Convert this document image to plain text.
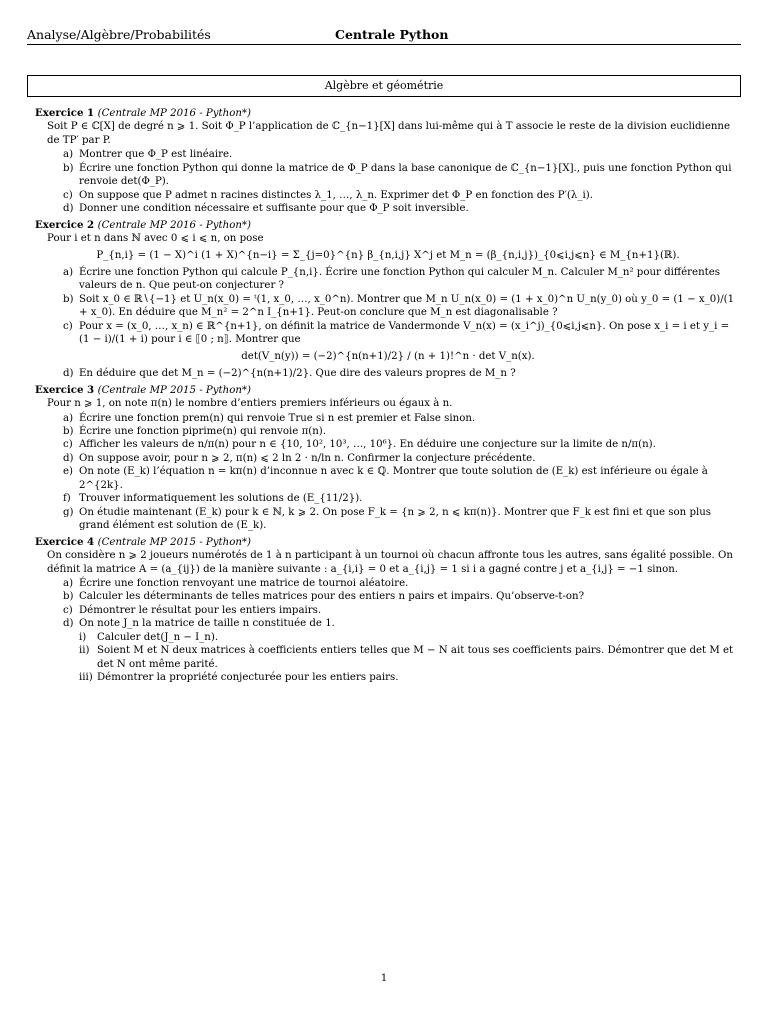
Analyse/Algèbre/Probabilités	Centrale Python
Algèbre et géométrie

Exercice 1 (Centrale MP 2016 - Python*)

Soit P ∈ ℂ[X] de degré n ⩾ 1. Soit Φ_P l’application de ℂ_{n−1}[X] dans lui-même qui à T associe le reste de la division euclidienne de TP′ par P.

a) Montrer que Φ_P est linéaire.

b) Écrire une fonction Python qui donne la matrice de Φ_P dans la base canonique de ℂ_{n−1}[X]., puis une fonction Python qui renvoie det(Φ_P).

c) On suppose que P admet n racines distinctes λ_1, …, λ_n. Exprimer det Φ_P en fonction des P′(λ_i).

d) Donner une condition nécessaire et suffisante pour que Φ_P soit inversible.

Exercice 2 (Centrale MP 2016 - Python*)

Pour i et n dans ℕ avec 0 ⩽ i ⩽ n, on pose

P_{n,i} = (1 − X)^i (1 + X)^{n−i} = Σ_{j=0}^{n} β_{n,i,j} X^j et M_n = (β_{n,i,j})_{0⩽i,j⩽n} ∈ M_{n+1}(ℝ).

a) Écrire une fonction Python qui calcule P_{n,i}. Écrire une fonction Python qui calculer M_n. Calculer M_n² pour différentes valeurs de n. Que peut-on conjecturer ?

b) Soit x_0 ∈ ℝ∖{−1} et U_n(x_0) = ᵗ(1, x_0, …, x_0^n). Montrer que M_n U_n(x_0) = (1 + x_0)^n U_n(y_0) où y_0 = (1 − x_0)/(1 + x_0). En déduire que M_n² = 2^n I_{n+1}. Peut-on conclure que M_n est diagonalisable ?

c) Pour x = (x_0, …, x_n) ∈ ℝ^{n+1}, on définit la matrice de Vandermonde V_n(x) = (x_i^j)_{0⩽i,j⩽n}. On pose x_i = i et y_i = (1 − i)/(1 + i) pour i ∈ ⟦0 ; n⟧. Montrer que

det(V_n(y)) = (−2)^{n(n+1)/2} / (n + 1)!^n · det V_n(x).

d) En déduire que det M_n = (−2)^{n(n+1)/2}. Que dire des valeurs propres de M_n ?

Exercice 3 (Centrale MP 2015 - Python*)

Pour n ⩾ 1, on note π(n) le nombre d’entiers premiers inférieurs ou égaux à n.

a) Écrire une fonction prem(n) qui renvoie True si n est premier et False sinon.

b) Écrire une fonction piprime(n) qui renvoie π(n).

c) Afficher les valeurs de n/π(n) pour n ∈ {10, 10², 10³, …, 10⁶}. En déduire une conjecture sur la limite de n/π(n).

d) On suppose avoir, pour n ⩾ 2, π(n) ⩽ 2 ln 2 · n/ln n. Confirmer la conjecture précédente.

e) On note (E_k) l’équation n = kπ(n) d’inconnue n avec k ∈ ℚ. Montrer que toute solution de (E_k) est inférieure ou égale à 2^{2k}.

f) Trouver informatiquement les solutions de (E_{11/2}).

g) On étudie maintenant (E_k) pour k ∈ ℕ, k ⩾ 2. On pose F_k = {n ⩾ 2, n ⩽ kπ(n)}. Montrer que F_k est fini et que son plus grand élément est solution de (E_k).

Exercice 4 (Centrale MP 2015 - Python*)

On considère n ⩾ 2 joueurs numérotés de 1 à n participant à un tournoi où chacun affronte tous les autres, sans égalité possible. On définit la matrice A = (a_{ij}) de la manière suivante : a_{i,i} = 0 et a_{i,j} = 1 si i a gagné contre j et a_{i,j} = −1 sinon.

a) Écrire une fonction renvoyant une matrice de tournoi aléatoire.

b) Calculer les déterminants de telles matrices pour des entiers n pairs et impairs. Qu’observe-t-on?

c) Démontrer le résultat pour les entiers impairs.

d) On note J_n la matrice de taille n constituée de 1.

i) Calculer det(J_n − I_n).

ii) Soient M et N deux matrices à coefficients entiers telles que M − N ait tous ses coefficients pairs. Démontrer que det M et det N ont même parité.

iii) Démontrer la propriété conjecturée pour les entiers pairs.

1
